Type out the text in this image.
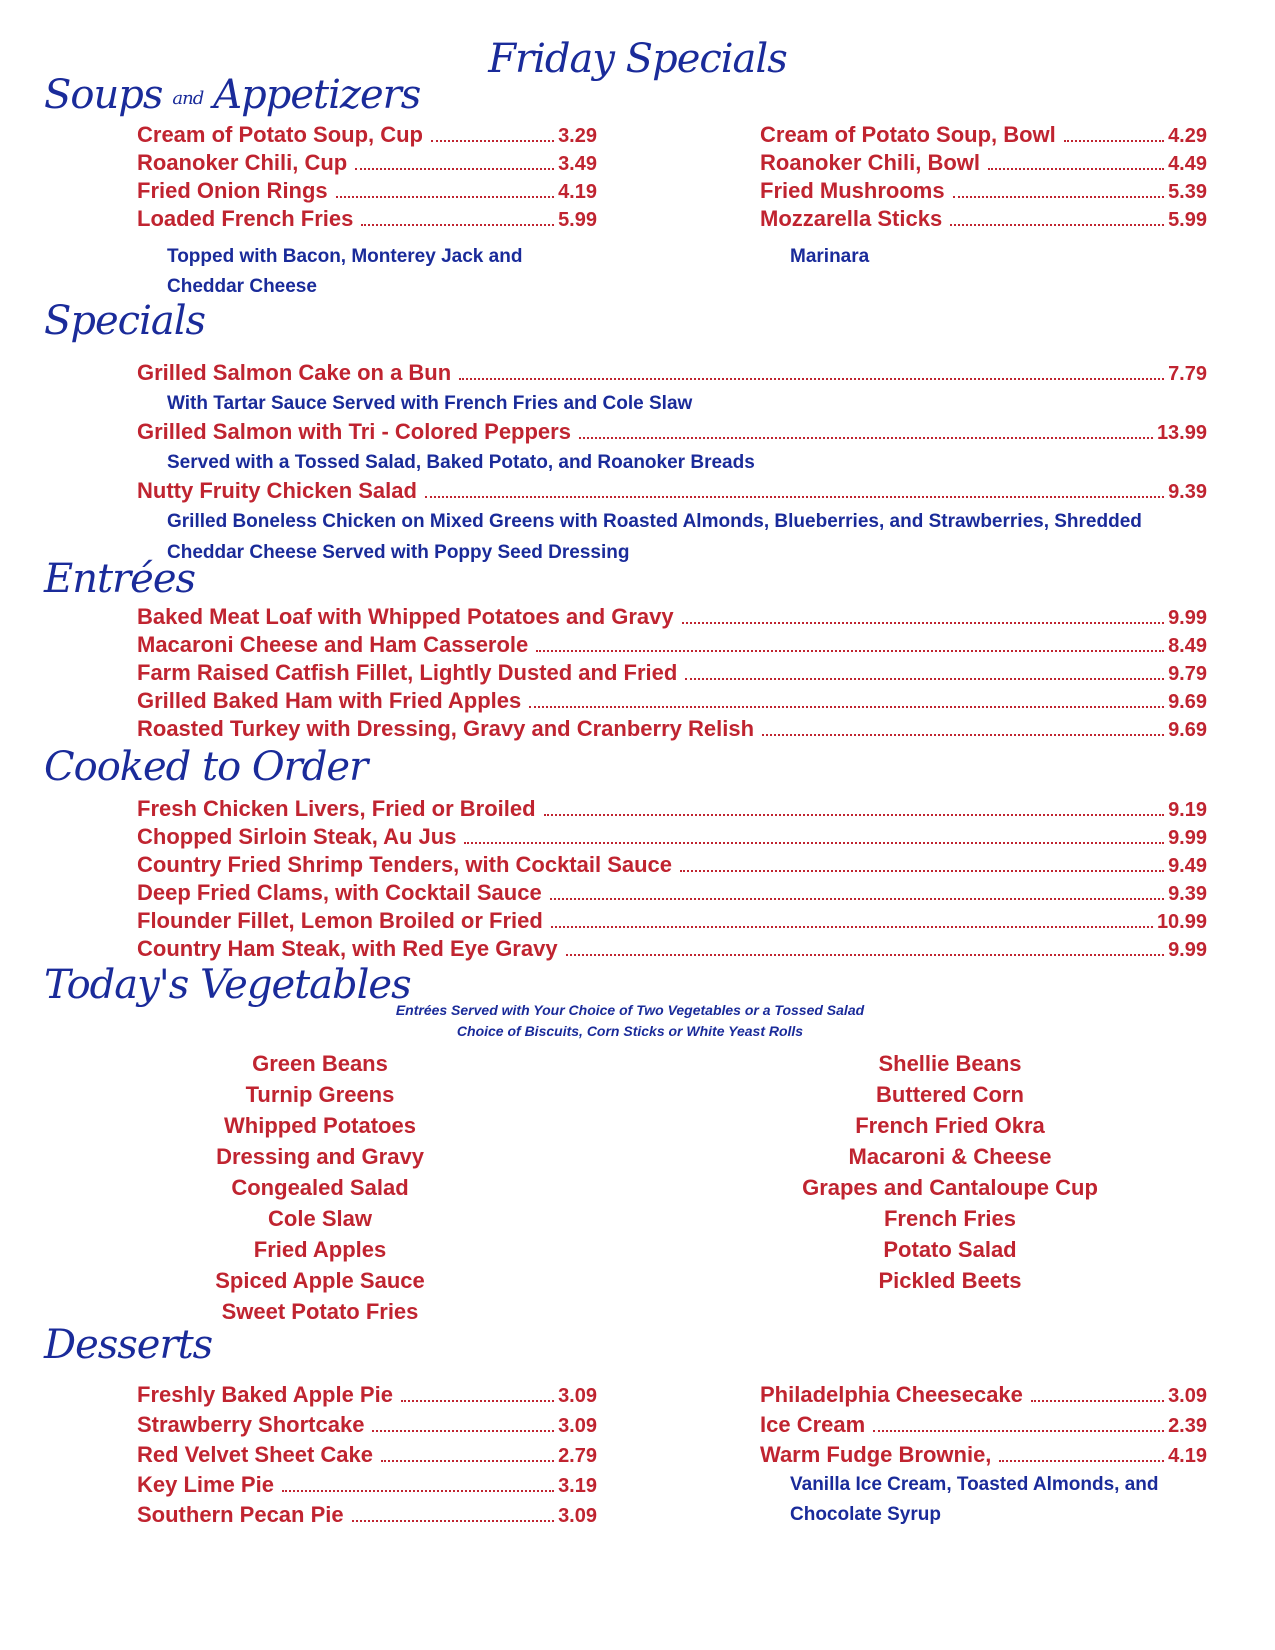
Friday Specials
Soups and Appetizers
Cream of Potato Soup, Cup	3.29
Roanoker Chili, Cup	3.49
Fried Onion Rings	4.19
Loaded French Fries	5.99
Topped with Bacon, Monterey Jack and
Cheddar Cheese
Cream of Potato Soup, Bowl	4.29
Roanoker Chili, Bowl	4.49
Fried Mushrooms	5.39
Mozzarella Sticks	5.99
Marinara
Specials
Grilled Salmon Cake on a Bun	7.79
With Tartar Sauce Served with French Fries and Cole Slaw
Grilled Salmon with Tri - Colored Peppers	13.99
Served with a Tossed Salad, Baked Potato, and Roanoker Breads
Nutty Fruity Chicken Salad	9.39
Grilled Boneless Chicken on Mixed Greens with Roasted Almonds, Blueberries, and Strawberries, Shredded
Cheddar Cheese Served with Poppy Seed Dressing
Entrées
Baked Meat Loaf with Whipped Potatoes and Gravy	9.99
Macaroni Cheese and Ham Casserole	8.49
Farm Raised Catfish Fillet, Lightly Dusted and Fried	9.79
Grilled Baked Ham with Fried Apples	9.69
Roasted Turkey with Dressing, Gravy and Cranberry Relish	9.69
Cooked to Order
Fresh Chicken Livers, Fried or Broiled	9.19
Chopped Sirloin Steak, Au Jus	9.99
Country Fried Shrimp Tenders, with Cocktail Sauce	9.49
Deep Fried Clams, with Cocktail Sauce	9.39
Flounder Fillet, Lemon Broiled or Fried	10.99
Country Ham Steak, with Red Eye Gravy	9.99
Today's Vegetables
Entrées Served with Your Choice of Two Vegetables or a Tossed Salad
Choice of Biscuits, Corn Sticks or White Yeast Rolls
Green Beans
Turnip Greens
Whipped Potatoes
Dressing and Gravy
Congealed Salad
Cole Slaw
Fried Apples
Spiced Apple Sauce
Sweet Potato Fries
Shellie Beans
Buttered Corn
French Fried Okra
Macaroni & Cheese
Grapes and Cantaloupe Cup
French Fries
Potato Salad
Pickled Beets
Desserts
Freshly Baked Apple Pie	3.09
Strawberry Shortcake	3.09
Red Velvet Sheet Cake	2.79
Key Lime Pie	3.19
Southern Pecan Pie	3.09
Philadelphia Cheesecake	3.09
Ice Cream	2.39
Warm Fudge Brownie,	4.19
Vanilla Ice Cream, Toasted Almonds, and
Chocolate Syrup
